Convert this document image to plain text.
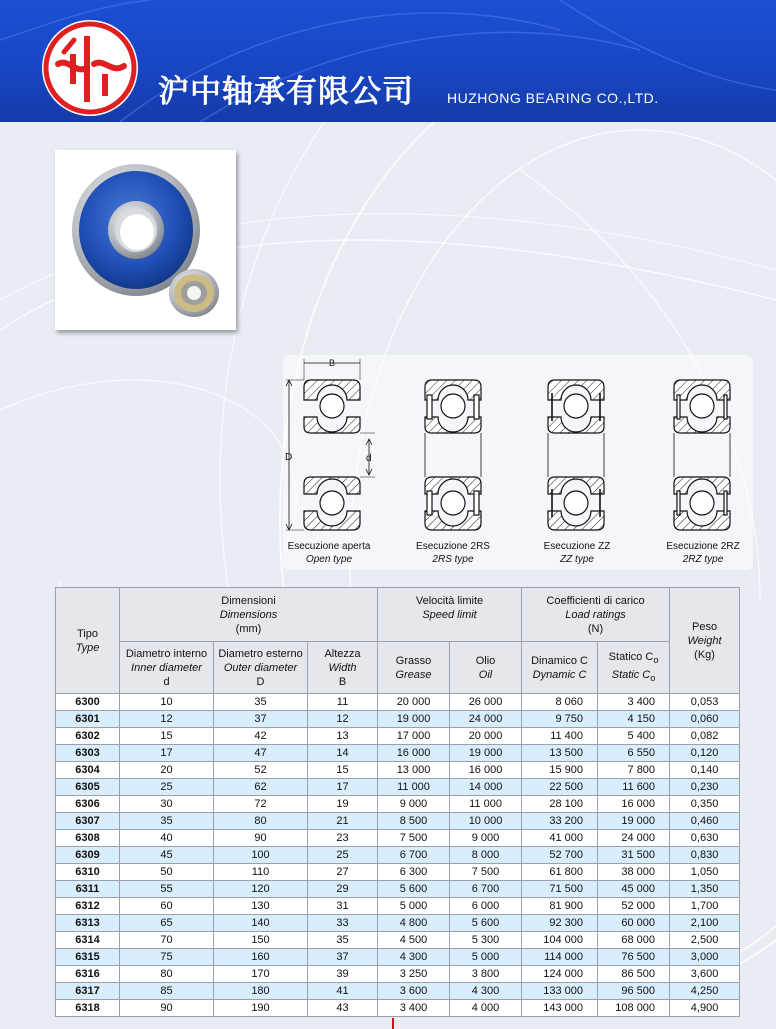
沪中轴承有限公司 HUZHONG BEARING CO.,LTD.
B
D	d
Esecuzione aperta
Open type
Esecuzione 2RS
2RS type
Esecuzione ZZ
ZZ type
Esecuzione 2RZ
2RZ type
Tipo
Type	Dimensioni
Dimensions
(mm)			Velocità limite
Speed limit		Coefficienti di carico
Load ratings
(N)		Peso
Weight
(Kg)
	Diametro interno
Inner diameter
d	Diametro esterno
Outer diameter
D	Altezza
Width
B	Grasso
Grease	Olio
Oil	Dinamico C
Dynamic C	Statico $C_o$
Static $C_o$
6300	10	35	11	20 000	26 000	8 060	3 400	0,053
6301	12	37	12	19 000	24 000	9 750	4 150	0,060
6302	15	42	13	17 000	20 000	11 400	5 400	0,082
6303	17	47	14	16 000	19 000	13 500	6 550	0,120
6304	20	52	15	13 000	16 000	15 900	7 800	0,140
6305	25	62	17	11 000	14 000	22 500	11 600	0,230
6306	30	72	19	9 000	11 000	28 100	16 000	0,350
6307	35	80	21	8 500	10 000	33 200	19 000	0,460
6308	40	90	23	7 500	9 000	41 000	24 000	0,630
6309	45	100	25	6 700	8 000	52 700	31 500	0,830
6310	50	110	27	6 300	7 500	61 800	38 000	1,050
6311	55	120	29	5 600	6 700	71 500	45 000	1,350
6312	60	130	31	5 000	6 000	81 900	52 000	1,700
6313	65	140	33	4 800	5 600	92 300	60 000	2,100
6314	70	150	35	4 500	5 300	104 000	68 000	2,500
6315	75	160	37	4 300	5 000	114 000	76 500	3,000
6316	80	170	39	3 250	3 800	124 000	86 500	3,600
6317	85	180	41	3 600	4 300	133 000	96 500	4,250
6318	90	190	43	3 400	4 000	143 000	108 000	4,900
